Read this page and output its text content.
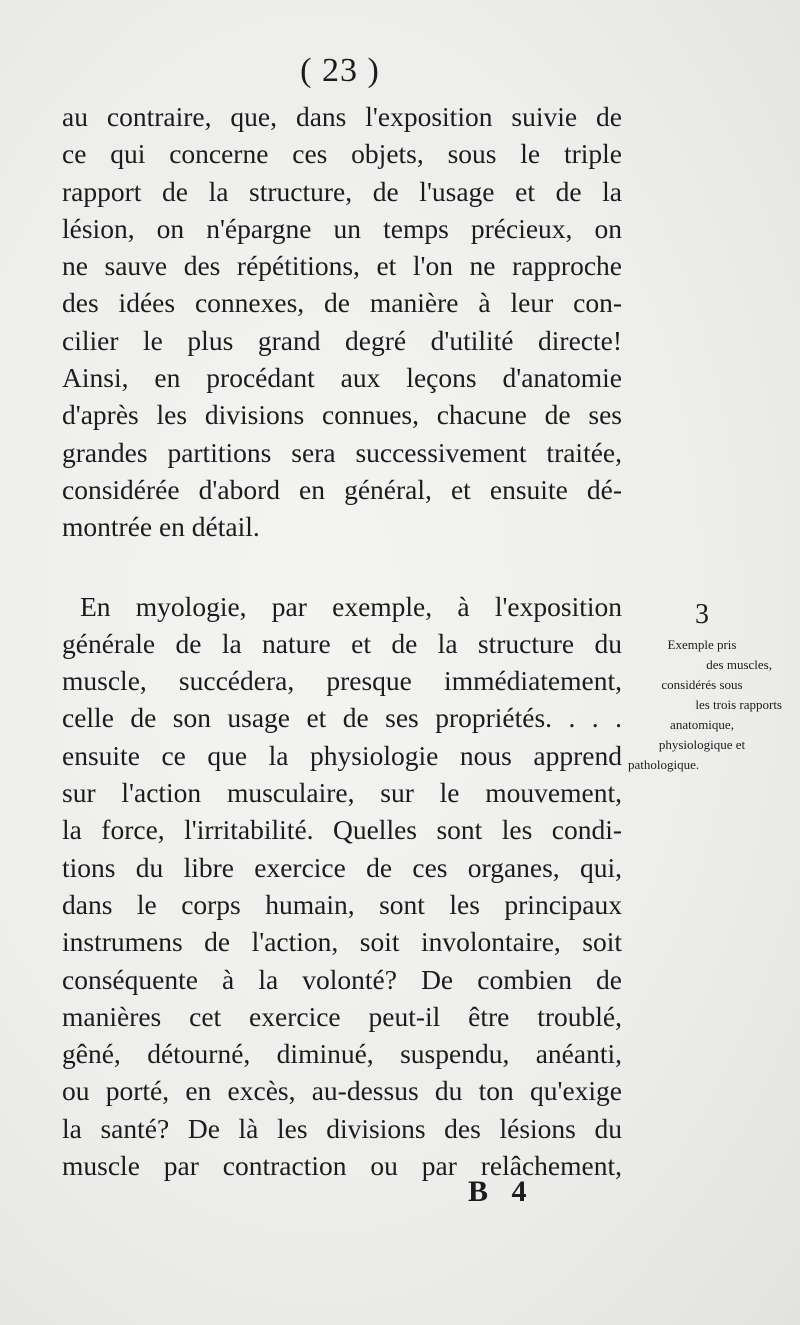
( 23 )
au contraire, que, dans l'exposition suivie de
ce qui concerne ces objets, sous le triple
rapport de la structure, de l'usage et de la
lésion, on n'épargne un temps précieux, on
ne sauve des répétitions, et l'on ne rapproche
des idées connexes, de manière à leur con-
cilier le plus grand degré d'utilité directe!
Ainsi, en procédant aux leçons d'anatomie
d'après les divisions connues, chacune de ses
grandes partitions sera successivement traitée,
considérée d'abord en général, et ensuite dé-
montrée en détail.
En myologie, par exemple, à l'exposition
générale de la nature et de la structure du
muscle, succédera, presque immédiatement,
celle de son usage et de ses propriétés. . . .
ensuite ce que la physiologie nous apprend
sur l'action musculaire, sur le mouvement,
la force, l'irritabilité. Quelles sont les condi-
tions du libre exercice de ces organes, qui,
dans le corps humain, sont les principaux
instrumens de l'action, soit involontaire, soit
conséquente à la volonté? De combien de
manières cet exercice peut-il être troublé,
gêné, détourné, diminué, suspendu, anéanti,
ou porté, en excès, au-dessus du ton qu'exige
la santé? De là les divisions des lésions du
muscle par contraction ou par relâchement,
3
Exemple pris
des muscles,
considérés sous
les trois rapports
anatomique,
physiologique et
pathologique.
B 4
